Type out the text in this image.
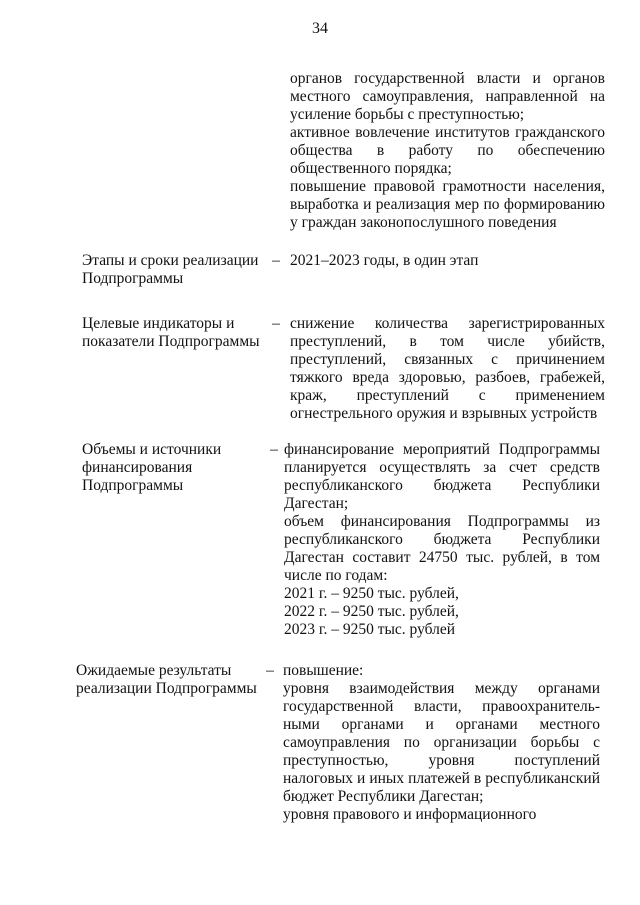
34

органов государственной власти и органов местного самоуправления, направленной на усиление борьбы с преступностью;

активное вовлечение институтов гражданского общества в работу по обеспечению общественного порядка;

повышение правовой грамотности населения, выработка и реализация мер по формированию у граждан законопослушного поведения

Этапы и сроки реализации
Подпрограммы
– 2021–2023 годы, в один этап

Целевые индикаторы и
показатели Подпрограммы
– снижение количества зарегистрированных преступлений, в том числе убийств, преступлений, связанных с причинением тяжкого вреда здоровью, разбоев, грабежей, краж, преступлений с применением огнестрельного оружия и взрывных устройств

Объемы и источники
финансирования
Подпрограммы
– финансирование мероприятий Подпрограммы планируется осуществлять за счет средств республиканского бюджета Республики Дагестан;

объем финансирования Подпрограммы из республиканского бюджета Республики Дагестан составит 24750 тыс. рублей, в том числе по годам:

2021 г. – 9250 тыс. рублей,

2022 г. – 9250 тыс. рублей,

2023 г. – 9250 тыс. рублей

Ожидаемые результаты
реализации Подпрограммы
– повышение:

уровня взаимодействия между органами государственной власти, правоохранитель-ными органами и органами местного самоуправления по организации борьбы с преступностью, уровня поступлений налоговых и иных платежей в республиканский бюджет Республики Дагестан;

уровня правового и информационного
